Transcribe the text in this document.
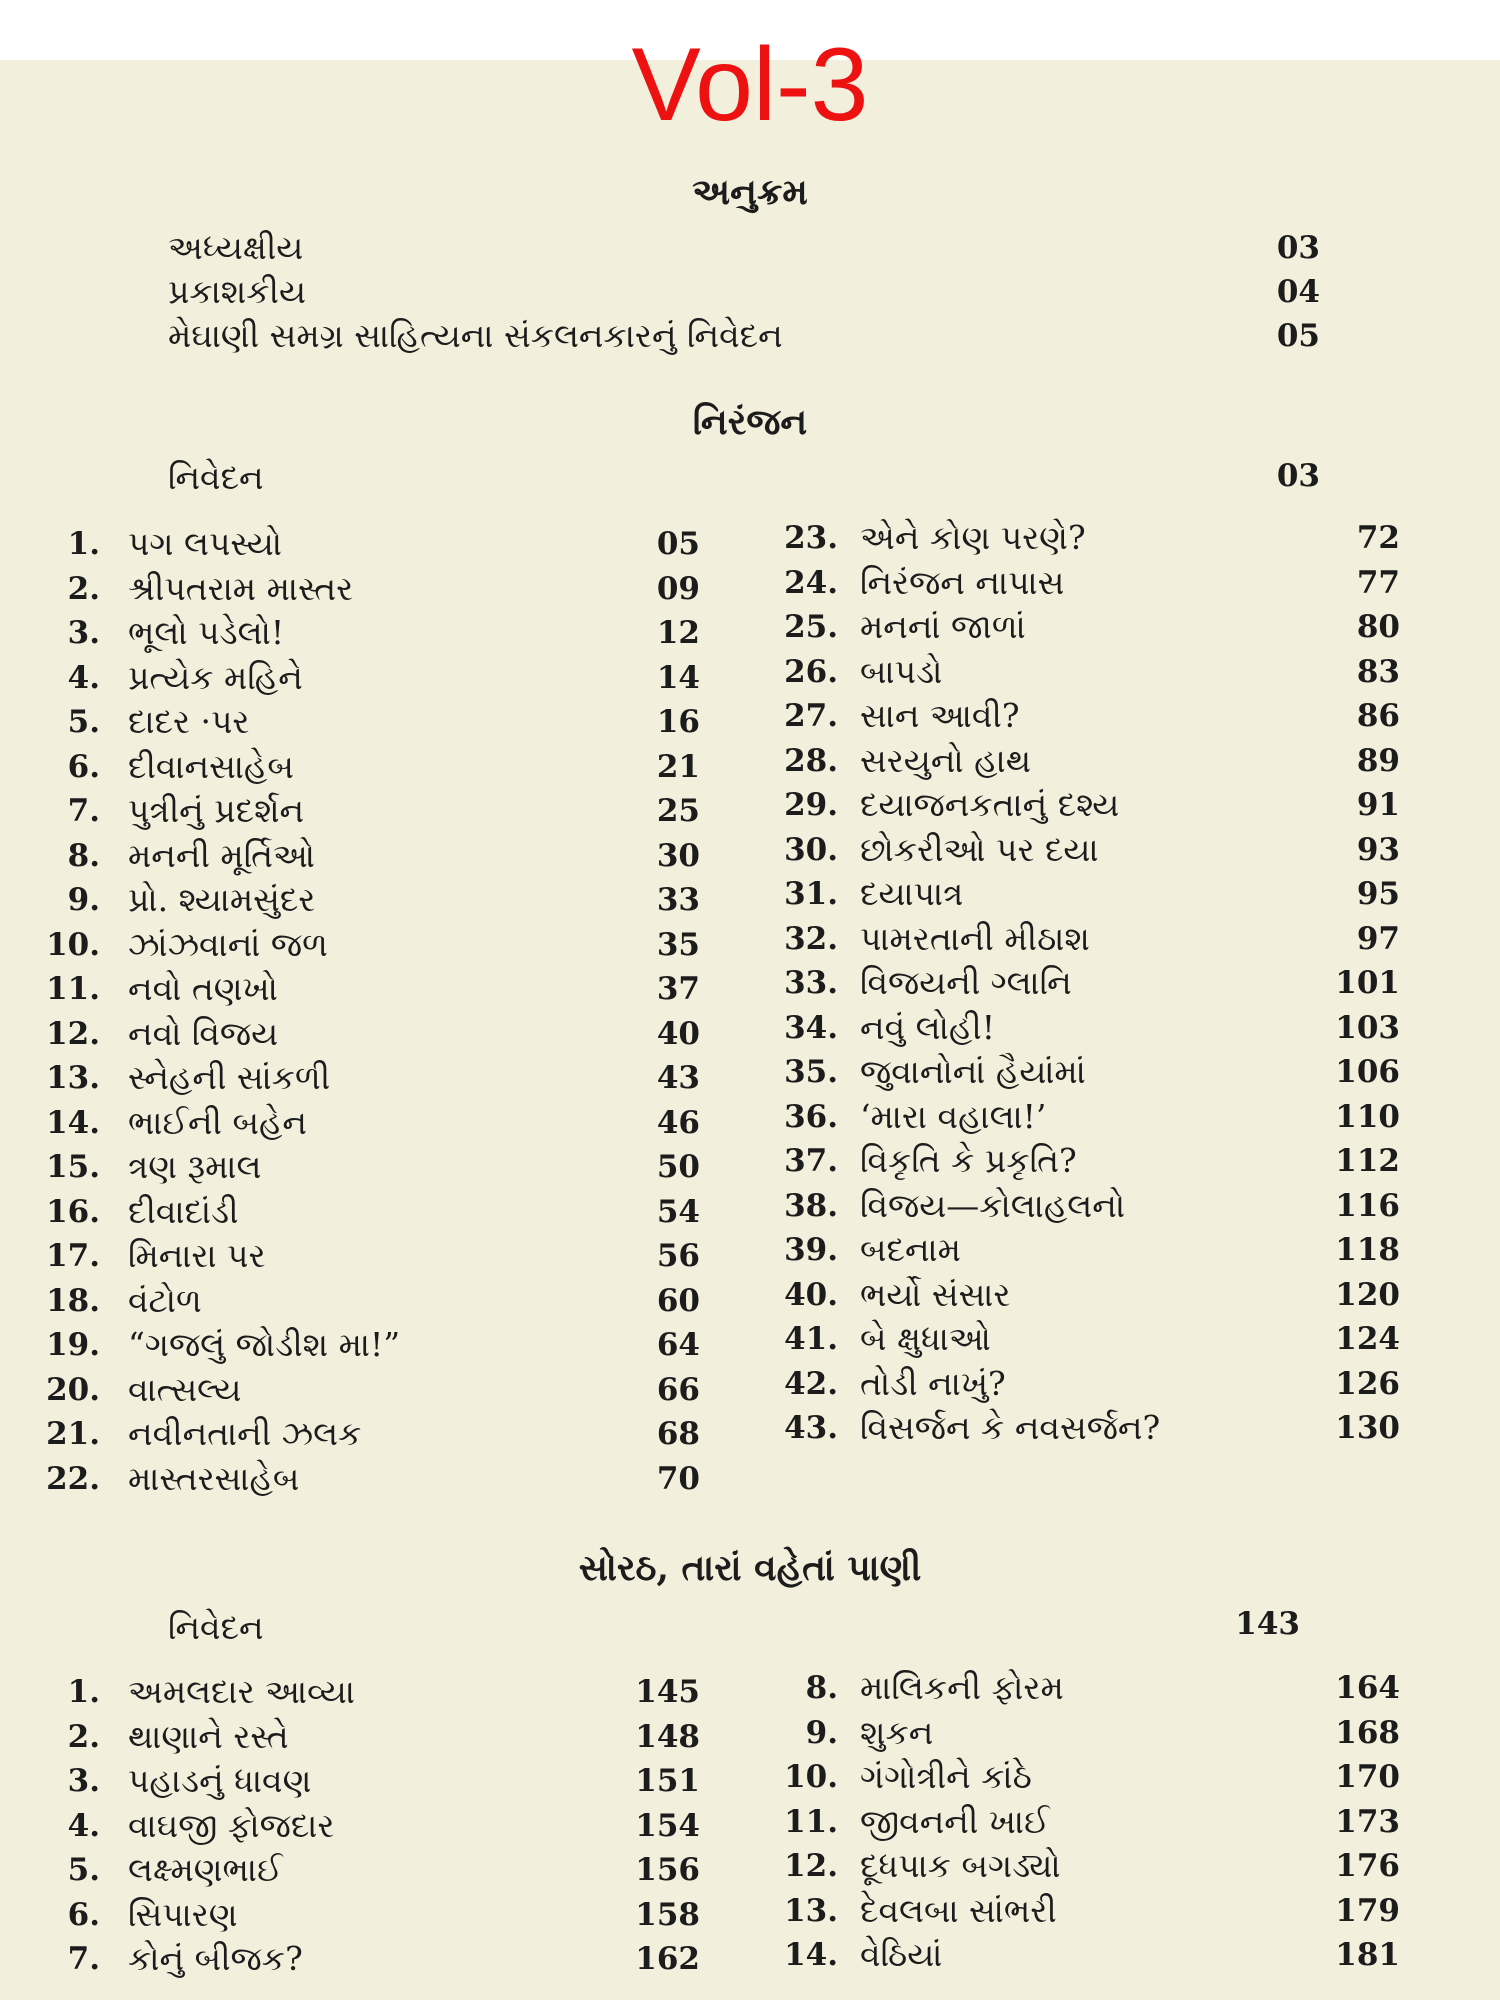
Vol-3
અનુક્રમ
અધ્યક્ષીય	03
પ્રકાશકીય	04
મેઘાણી સમગ્ર સાહિત્યના સંકલનકારનું નિવેદન	05
નિરંજન
નિવેદન	03
1. પગ લપસ્યો	05
2. શ્રીપતરામ માસ્તર	09
3. ભૂલો પડેલો!	12
4. પ્રત્યેક મહિને	14
5. દાદર ·પર	16
6. દીવાનસાહેબ	21
7. પુત્રીનું પ્રદર્શન	25
8. મનની મૂર્તિઓ	30
9. પ્રો. શ્યામસુંદર	33
10. ઝાંઝવાનાં જળ	35
11. નવો તણખો	37
12. નવો વિજય	40
13. સ્નેહની સાંકળી	43
14. ભાઈની બહેન	46
15. ત્રણ રૂમાલ	50
16. દીવાદાંડી	54
17. મિનારા પર	56
18. વંટોળ	60
19. “ગજલું જોડીશ મા!”	64
20. વાત્સલ્ય	66
21. નવીનતાની ઝલક	68
22. માસ્તરસાહેબ	70
23. એને કોણ પરણે?	72
24. નિરંજન નાપાસ	77
25. મનનાં જાળાં	80
26. બાપડો	83
27. સાન આવી?	86
28. સરયુનો હાથ	89
29. દયાજનકતાનું દશ્ય	91
30. છોકરીઓ પર દયા	93
31. દયાપાત્ર	95
32. પામરતાની મીઠાશ	97
33. વિજયની ગ્લાનિ	101
34. નવું લોહી!	103
35. જુવાનોનાં હૈયાંમાં	106
36. ‘મારા વહાલા!’	110
37. વિકૃતિ કે પ્રકૃતિ?	112
38. વિજય—કોલાહલનો	116
39. બદનામ	118
40. ભર્યો સંસાર	120
41. બે ક્ષુધાઓ	124
42. તોડી નાખું?	126
43. વિસર્જન કે નવસર્જન?	130
સોરઠ, તારાં વહેતાં પાણી
નિવેદન	143
1. અમલદાર આવ્યા	145
2. થાણાને રસ્તે	148
3. પહાડનું ધાવણ	151
4. વાઘજી ફોજદાર	154
5. લક્ષ્મણભાઈ	156
6. સિપારણ	158
7. કોનું બીજક?	162
8. માલિકની ફોરમ	164
9. શુકન	168
10. ગંગોત્રીને કાંઠે	170
11. જીવનની ખાઈ	173
12. દૂધપાક બગડ્યો	176
13. દેવલબા સાંભરી	179
14. વેઠિયાં	181
